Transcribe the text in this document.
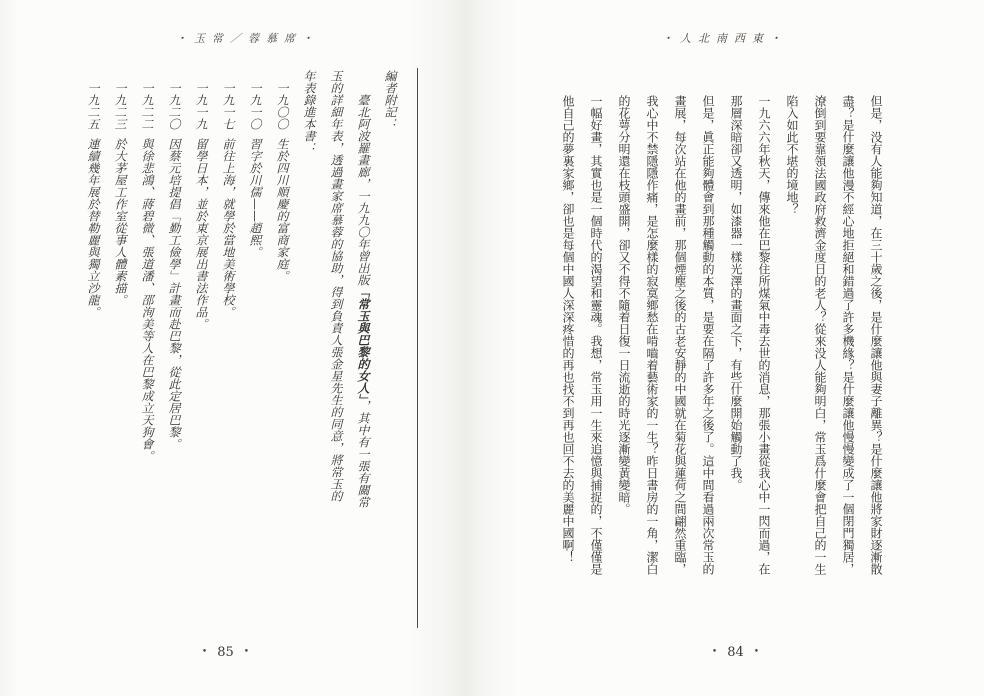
・玉常／蓉慕席・
編者附記：

臺北阿波羅畫廊，一九九〇年曾出版「常玉與巴黎的女人」，其中有一張有關常玉的詳細年表，透過畫家席慕蓉的協助，得到負責人張金星先生的同意，將常玉的年表錄進本書：

一九〇〇生於四川順慶的富商家庭。
一九一〇習字於川儒——趙熙。
一九一七前往上海，就學於當地美術學校。
一九一九留學日本，並於東京展出書法作品。
一九二〇因蔡元培提倡「勤工儉學」計畫而赴巴黎，從此定居巴黎。
一九二二與徐悲鴻、蔣碧微、張道潘、邵洵美等人在巴黎成立天狗會。
一九二三於大茅屋工作室從事人體素描。
一九二五連續幾年展於替勒麗與獨立沙龍。
• 85 •
・人北南西東・

但是，没有人能夠知道，在三十歲之後，是什麼讓他與妻子離異？是什麼讓他將家財逐漸散盡？是什麼讓他漫不經心地拒絕和錯過了許多機緣？是什麼讓他慢慢變成了一個閉門獨居，潦倒到要靠領法國政府救濟金度日的老人？從來没人能夠明白，常玉爲什麼會把自己的一生陷入如此不堪的境地？

一九六六年秋天，傳來他在巴黎住所煤氣中毒去世的消息，那張小畫從我心中一閃而過，在那層深暗卻又透明，如漆器一樣光澤的畫面之下，有些什麼開始觸動了我。

但是，眞正能夠體會到那種觸動的本質，是要在隔了許多年之後了。這中間看過兩次常玉的畫展，每次站在他的畫前，那個煙塵之後的古老安靜的中國就在菊花與蓮荷之間翩然重臨，我心中不禁隱隱作痛，是怎麼樣的寂寞鄉愁在啃嚙着藝術家的一生？昨日書房的一角，潔白的花萼分明還在枝頭盛開，卻又不得不隨着日復一日流逝的時光逐漸變黃變暗。

一幅好畫，其實也是一個時代的渴望和靈魂。我想，常玉用一生來追憶與捕捉的，不僅僅是他自己的夢裏家鄉，卻也是每個中國人深深疼惜的再也找不到再也回不去的美麗中國啊！

• 84 •
